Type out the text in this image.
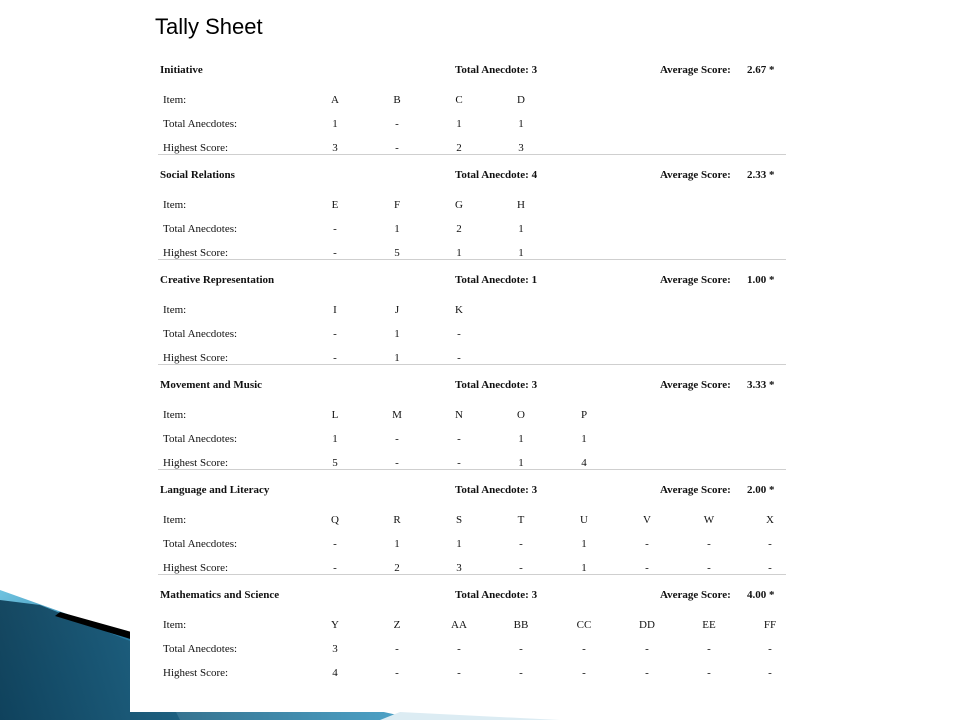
Tally Sheet
Initiative	Total Anecdote: 3	Average Score: 2.67 *
Item:	A	B	C	D
Total Anecdotes:	1	-	1	1
Highest Score:	3	-	2	3
Social Relations	Total Anecdote: 4	Average Score: 2.33 *
Item:	E	F	G	H
Total Anecdotes:	-	1	2	1
Highest Score:	-	5	1	1
Creative Representation	Total Anecdote: 1	Average Score: 1.00 *
Item:	I	J	K
Total Anecdotes:	-	1	-
Highest Score:	-	1	-
Movement and Music	Total Anecdote: 3	Average Score: 3.33 *
Item:	L	M	N	O	P
Total Anecdotes:	1	-	-	1	1
Highest Score:	5	-	-	1	4
Language and Literacy	Total Anecdote: 3	Average Score: 2.00 *
Item:	Q	R	S	T	U	V	W	X
Total Anecdotes:	-	1	1	-	1	-	-	-
Highest Score:	-	2	3	-	1	-	-	-
Mathematics and Science	Total Anecdote: 3	Average Score: 4.00 *
Item:	Y	Z	AA	BB	CC	DD	EE	FF
Total Anecdotes:	3	-	-	-	-	-	-	-
Highest Score:	4	-	-	-	-	-	-	-
